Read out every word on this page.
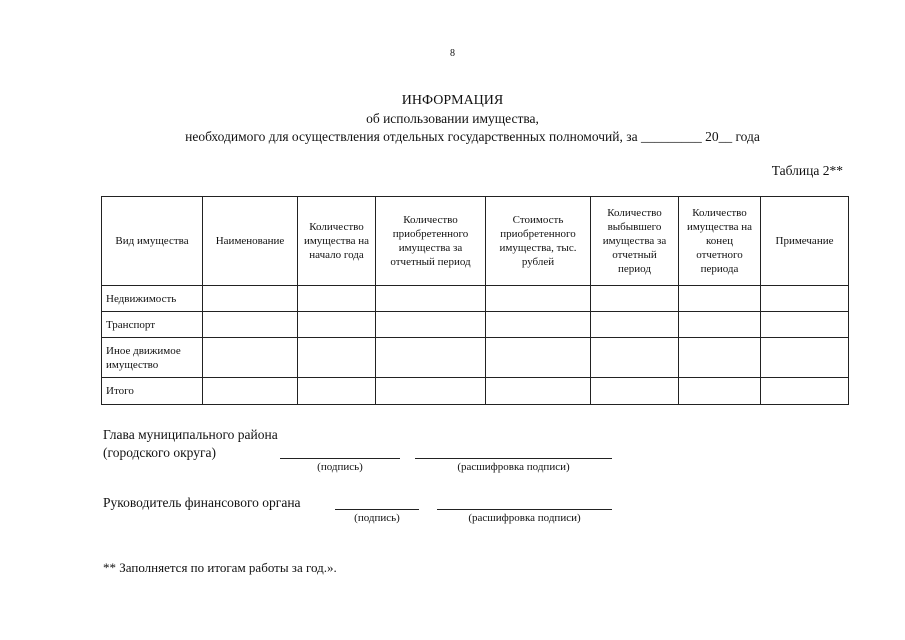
8
ИНФОРМАЦИЯ
об использовании имущества,
необходимого для осуществления отдельных государственных полномочий, за _________ 20__ года
Таблица 2**
Вид имущества	Наименование	Количество имущества на начало года	Количество приобретенного имущества за отчетный период	Стоимость приобретенного имущества, тыс. рублей	Количество выбывшего имущества за отчетный период	Количество имущества на конец отчетного периода	Примечание
Недвижимость							
Транспорт							
Иное движимое имущество							
Итого							
Глава муниципального района
(городского округа)
(подпись)	(расшифровка подписи)
Руководитель финансового органа
(подпись)	(расшифровка подписи)
** Заполняется по итогам работы за год.».
